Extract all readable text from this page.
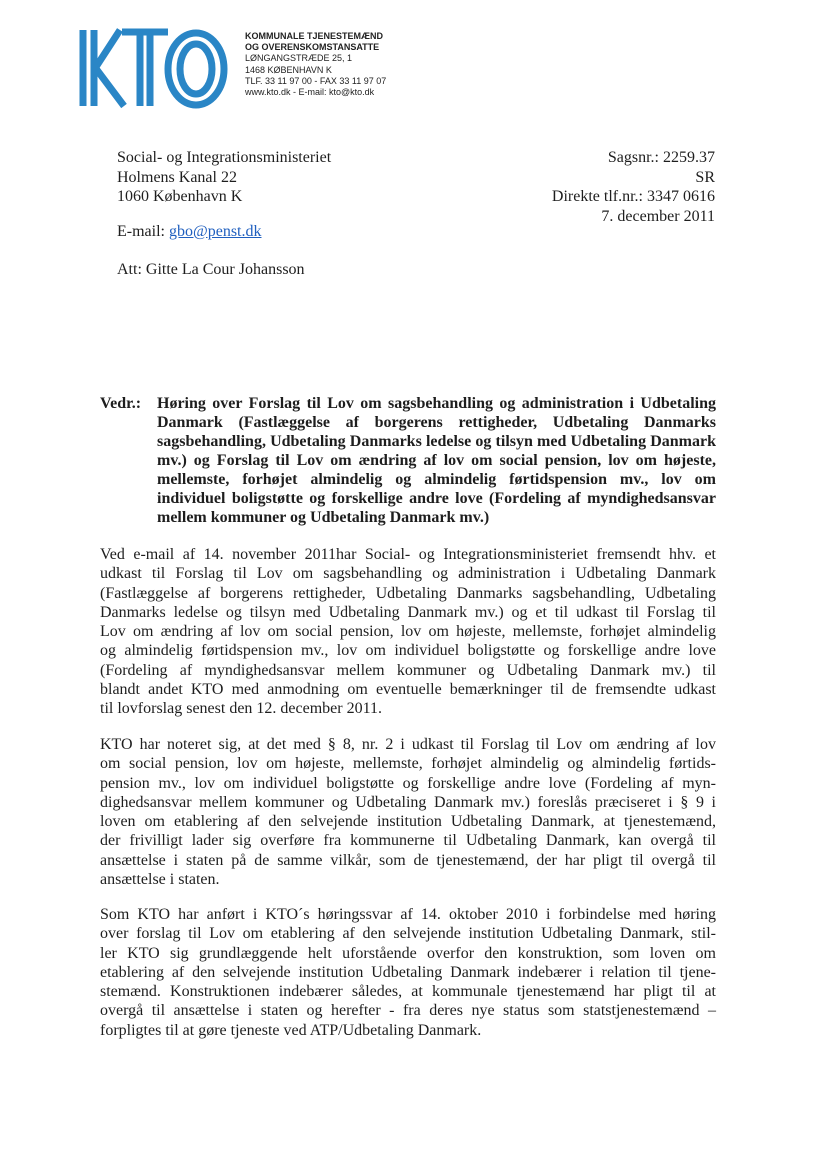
KOMMUNALE TJENESTEMÆND
OG OVERENSKOMSTANSATTE
LØNGANGSTRÆDE 25, 1
1468 KØBENHAVN K
TLF. 33 11 97 00 - FAX 33 11 97 07
www.kto.dk - E-mail: kto@kto.dk
Social- og Integrationsministeriet
Holmens Kanal 22
1060 København K
Sagsnr.: 2259.37
SR
Direkte tlf.nr.: 3347 0616
7. december 2011
E-mail: gbo@penst.dk
Att: Gitte La Cour Johansson
Vedr.: Høring over Forslag til Lov om sagsbehandling og administration i Udbetaling Danmark (Fastlæggelse af borgerens rettigheder, Udbetaling Danmarks sagsbehandling, Udbetaling Danmarks ledelse og tilsyn med Udbetaling Danmark mv.) og Forslag til Lov om ændring af lov om social pension, lov om højeste, mellemste, forhøjet almindelig og almindelig førtidspension mv., lov om individuel boligstøtte og forskellige andre love (Fordeling af myndighedsansvar mellem kommuner og Udbetaling Danmark mv.)
Ved e-mail af 14. november 2011har Social- og Integrationsministeriet fremsendt hhv. et
udkast til Forslag til Lov om sagsbehandling og administration i Udbetaling Danmark
(Fastlæggelse af borgerens rettigheder, Udbetaling Danmarks sagsbehandling, Udbetaling
Danmarks ledelse og tilsyn med Udbetaling Danmark mv.) og et til udkast til Forslag til
Lov om ændring af lov om social pension, lov om højeste, mellemste, forhøjet almindelig
og almindelig førtidspension mv., lov om individuel boligstøtte og forskellige andre love
(Fordeling af myndighedsansvar mellem kommuner og Udbetaling Danmark mv.) til
blandt andet KTO med anmodning om eventuelle bemærkninger til de fremsendte udkast
til lovforslag senest den 12. december 2011.
KTO har noteret sig, at det med § 8, nr. 2 i udkast til Forslag til Lov om ændring af lov
om social pension, lov om højeste, mellemste, forhøjet almindelig og almindelig førtids-
pension mv., lov om individuel boligstøtte og forskellige andre love (Fordeling af myn-
dighedsansvar mellem kommuner og Udbetaling Danmark mv.) foreslås præciseret i § 9 i
loven om etablering af den selvejende institution Udbetaling Danmark, at tjenestemænd,
der frivilligt lader sig overføre fra kommunerne til Udbetaling Danmark, kan overgå til
ansættelse i staten på de samme vilkår, som de tjenestemænd, der har pligt til overgå til
ansættelse i staten.
Som KTO har anført i KTO´s høringssvar af 14. oktober 2010 i forbindelse med høring
over forslag til Lov om etablering af den selvejende institution Udbetaling Danmark, stil-
ler KTO sig grundlæggende helt uforstående overfor den konstruktion, som loven om
etablering af den selvejende institution Udbetaling Danmark indebærer i relation til tjene-
stemænd. Konstruktionen indebærer således, at kommunale tjenestemænd har pligt til at
overgå til ansættelse i staten og herefter - fra deres nye status som statstjenestemænd –
forpligtes til at gøre tjeneste ved ATP/Udbetaling Danmark.
